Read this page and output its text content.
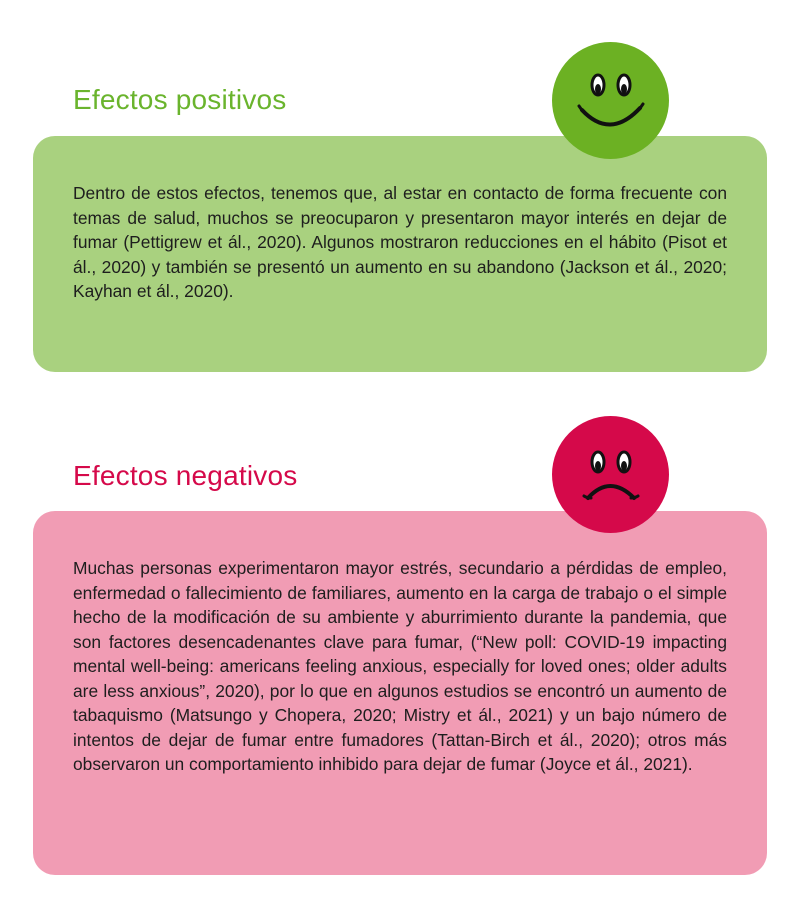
Efectos positivos

Dentro de estos efectos, tenemos que, al estar en contacto de forma frecuente con temas de salud, muchos se preocuparon y presentaron mayor interés en dejar de fumar (Pettigrew et ál., 2020). Algunos mostraron reducciones en el hábito (Pisot et ál., 2020) y también se presentó un aumento en su abandono (Jackson et ál., 2020; Kayhan et ál., 2020).

Efectos negativos

Muchas personas experimentaron mayor estrés, secundario a pérdidas de empleo, enfermedad o fallecimiento de familiares, aumento en la carga de trabajo o el simple hecho de la modificación de su ambiente y aburrimiento durante la pandemia, que son factores desencadenantes clave para fumar, (“New poll: COVID-19 impacting mental well-being: americans feeling anxious, especially for loved ones; older adults are less anxious”, 2020), por lo que en algunos estudios se encontró un aumento de tabaquismo (Matsungo y Chopera, 2020; Mistry et ál., 2021) y un bajo número de intentos de dejar de fumar entre fumadores (Tattan-Birch et ál., 2020); otros más observaron un comportamiento inhibido para dejar de fumar (Joyce et ál., 2021).
